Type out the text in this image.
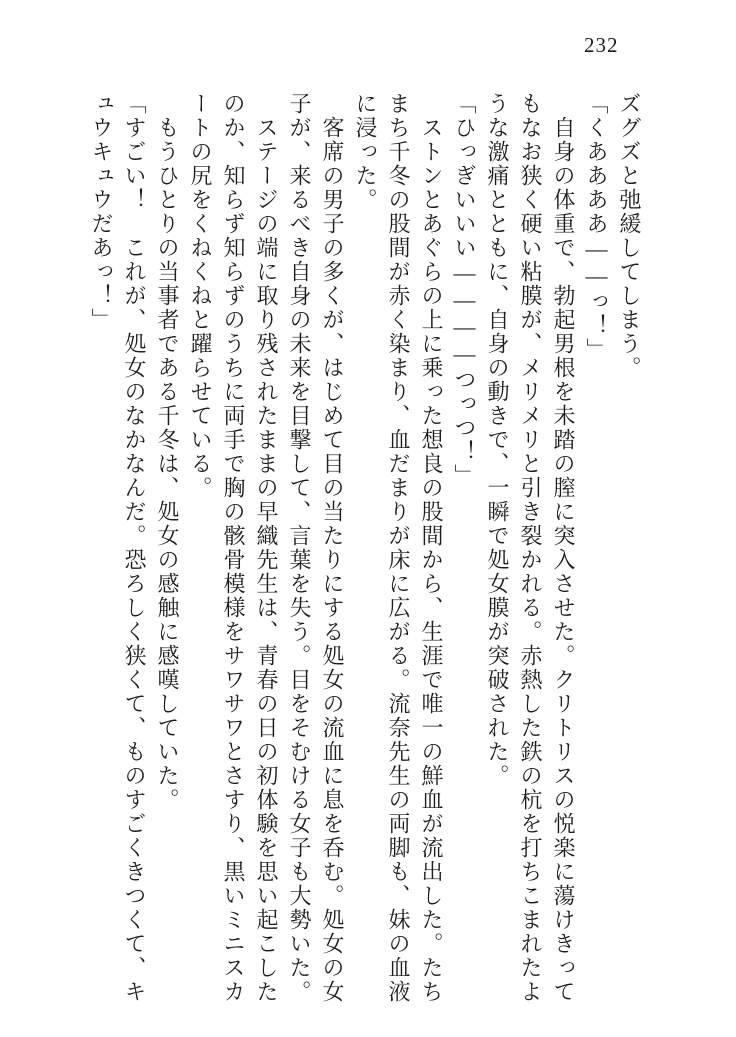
232
ズグズと弛緩してしまう。
「くああああ――っ！」
自身の体重で、勃起男根を未踏の膣に突入させた。クリトリスの悦楽に蕩けきって
もなお狭く硬い粘膜が、メリメリと引き裂かれる。赤熱した鉄の杭を打ちこまれたよ
うな激痛とともに、自身の動きで、一瞬で処女膜が突破された。
「ひっぎいいい――――つっつ！」
ストンとあぐらの上に乗った想良の股間から、生涯で唯一の鮮血が流出した。たち
まち千冬の股間が赤く染まり、血だまりが床に広がる。流奈先生の両脚も、妹の血液
に浸った。
客席の男子の多くが、はじめて目の当たりにする処女の流血に息を呑む。処女の女
子が、来るべき自身の未来を目撃して、言葉を失う。目をそむける女子も大勢いた。
ステージの端に取り残されたままの早織先生は、青春の日の初体験を思い起こした
のか、知らず知らずのうちに両手で胸の骸骨模様をサワサワとさすり、黒いミニスカ
ートの尻をくねくねと躍らせている。
もうひとりの当事者である千冬は、処女の感触に感嘆していた。
「すごい！　これが、処女のなかなんだ。恐ろしく狭くて、ものすごくきつくて、キ
ュウキュウだあっ！」
